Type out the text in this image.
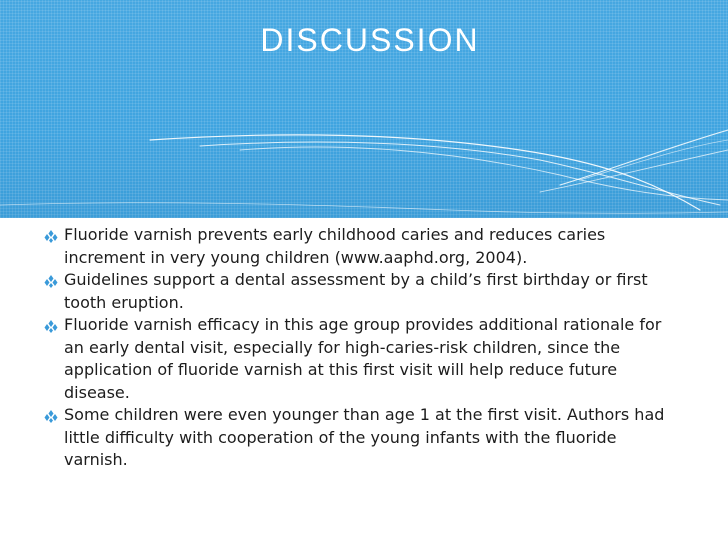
DISCUSSION
Fluoride varnish prevents early childhood caries and reduces caries increment in very young children (www.aaphd.org, 2004).
Guidelines support a dental assessment by a child’s first birthday or first tooth eruption.
Fluoride varnish efficacy in this age group provides additional rationale for an early dental visit, especially for high-caries-risk children, since the application of fluoride varnish at this first visit will help reduce future disease.
Some children were even younger than age 1 at the first visit. Authors had little difficulty with cooperation of the young infants with the fluoride varnish.
